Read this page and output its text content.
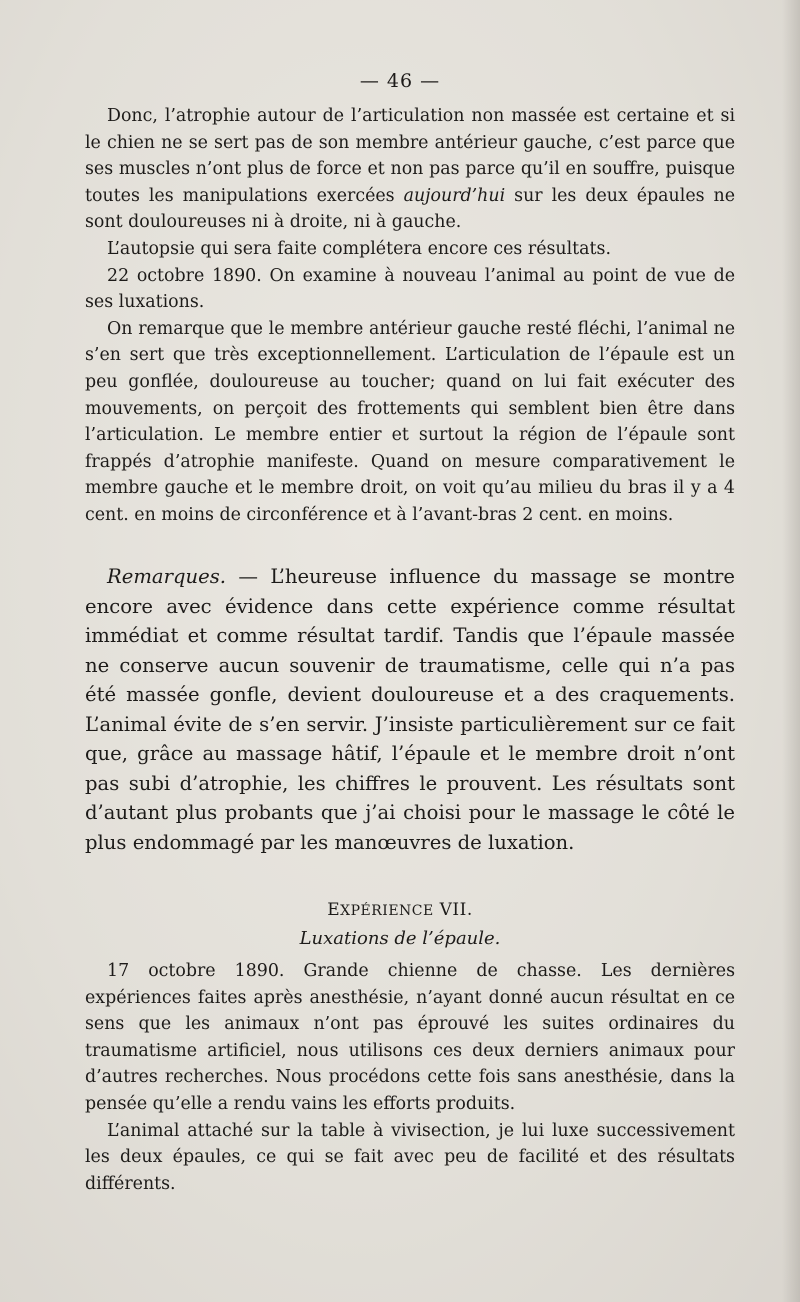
— 46 —

Donc, l’atrophie autour de l’articulation non massée est certaine et si le chien ne se sert pas de son membre antérieur gauche, c’est parce que ses muscles n’ont plus de force et non pas parce qu’il en souffre, puisque toutes les manipulations exercées aujourd’hui sur les deux épaules ne sont douloureuses ni à droite, ni à gauche.

L’autopsie qui sera faite complétera encore ces résultats.

22 octobre 1890. On examine à nouveau l’animal au point de vue de ses luxations.

On remarque que le membre antérieur gauche resté fléchi, l’animal ne s’en sert que très exceptionnellement. L’articulation de l’épaule est un peu gonflée, douloureuse au toucher; quand on lui fait exécuter des mouvements, on perçoit des frottements qui semblent bien être dans l’articulation. Le membre entier et surtout la région de l’épaule sont frappés d’atrophie manifeste. Quand on mesure comparativement le membre gauche et le membre droit, on voit qu’au milieu du bras il y a 4 cent. en moins de circonférence et à l’avant-bras 2 cent. en moins.

Remarques. — L’heureuse influence du massage se montre encore avec évidence dans cette expérience comme résultat immédiat et comme résultat tardif. Tandis que l’épaule massée ne conserve aucun souvenir de traumatisme, celle qui n’a pas été massée gonfle, devient douloureuse et a des craquements. L’animal évite de s’en servir. J’insiste particulièrement sur ce fait que, grâce au massage hâtif, l’épaule et le membre droit n’ont pas subi d’atrophie, les chiffres le prouvent. Les résultats sont d’autant plus probants que j’ai choisi pour le massage le côté le plus endommagé par les manœuvres de luxation.

EXPÉRIENCE VII.
Luxations de l’épaule.

17 octobre 1890. Grande chienne de chasse. Les dernières expériences faites après anesthésie, n’ayant donné aucun résultat en ce sens que les animaux n’ont pas éprouvé les suites ordinaires du traumatisme artificiel, nous utilisons ces deux derniers animaux pour d’autres recherches. Nous procédons cette fois sans anesthésie, dans la pensée qu’elle a rendu vains les efforts produits.

L’animal attaché sur la table à vivisection, je lui luxe successivement les deux épaules, ce qui se fait avec peu de facilité et des résultats différents.
